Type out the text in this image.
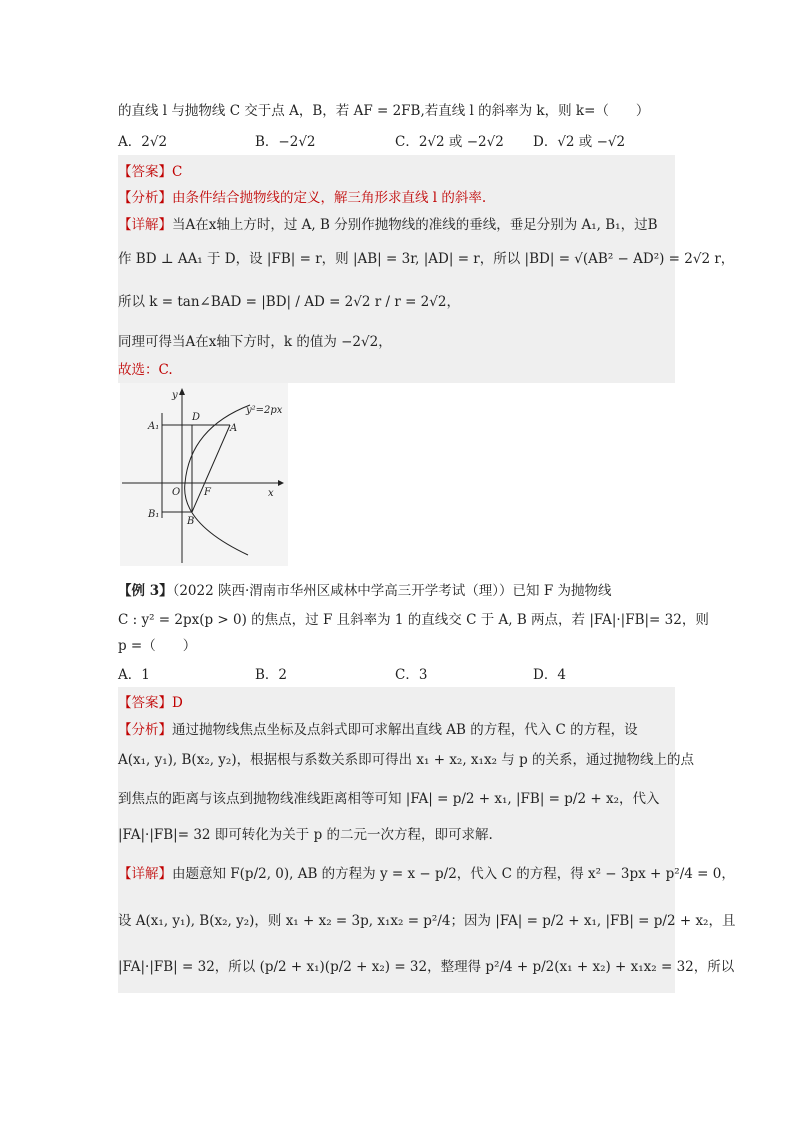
的直线 l 与抛物线 C 交于点 A，B，若 AF = 2FB,若直线 l 的斜率为 k，则 k=（　　）
A．2√2	B．−2√2	C．2√2 或 −2√2 D．√2 或 −√2
【答案】C
【分析】由条件结合抛物线的定义，解三角形求直线 l 的斜率.
【详解】当A在x轴上方时，过 A, B 分别作抛物线的准线的垂线，垂足分别为 A₁, B₁，过B
作 BD ⊥ AA₁ 于 D，设 |FB| = r，则 |AB| = 3r, |AD| = r，所以 |BD| = √(AB² − AD²) = 2√2 r，
所以 k = tan∠BAD = |BD| / AD = 2√2 r / r = 2√2，
同理可得当A在x轴下方时，k 的值为 −2√2，
故选：C.
y
x
O F
A
B
D
A₁
B₁
y²=2px
【例 3】（2022 陕西·渭南市华州区咸林中学高三开学考试（理））已知 F 为抛物线
C : y² = 2px(p > 0) 的焦点，过 F 且斜率为 1 的直线交 C 于 A, B 两点，若 |FA|·|FB|= 32，则
p =（　　）
A．1	B．2	C．3	D．4
【答案】D
【分析】通过抛物线焦点坐标及点斜式即可求解出直线 AB 的方程，代入 C 的方程，设
A(x₁, y₁), B(x₂, y₂)，根据根与系数关系即可得出 x₁ + x₂, x₁x₂ 与 p 的关系，通过抛物线上的点
到焦点的距离与该点到抛物线准线距离相等可知 |FA| = p/2 + x₁, |FB| = p/2 + x₂，代入
|FA|·|FB|= 32 即可转化为关于 p 的二元一次方程，即可求解.
【详解】由题意知 F(p/2, 0), AB 的方程为 y = x − p/2，代入 C 的方程，得 x² − 3px + p²/4 = 0，
设 A(x₁, y₁), B(x₂, y₂)，则 x₁ + x₂ = 3p, x₁x₂ = p²/4；因为 |FA| = p/2 + x₁, |FB| = p/2 + x₂，且
|FA|·|FB| = 32，所以 (p/2 + x₁)(p/2 + x₂) = 32，整理得 p²/4 + p/2(x₁ + x₂) + x₁x₂ = 32，所以
